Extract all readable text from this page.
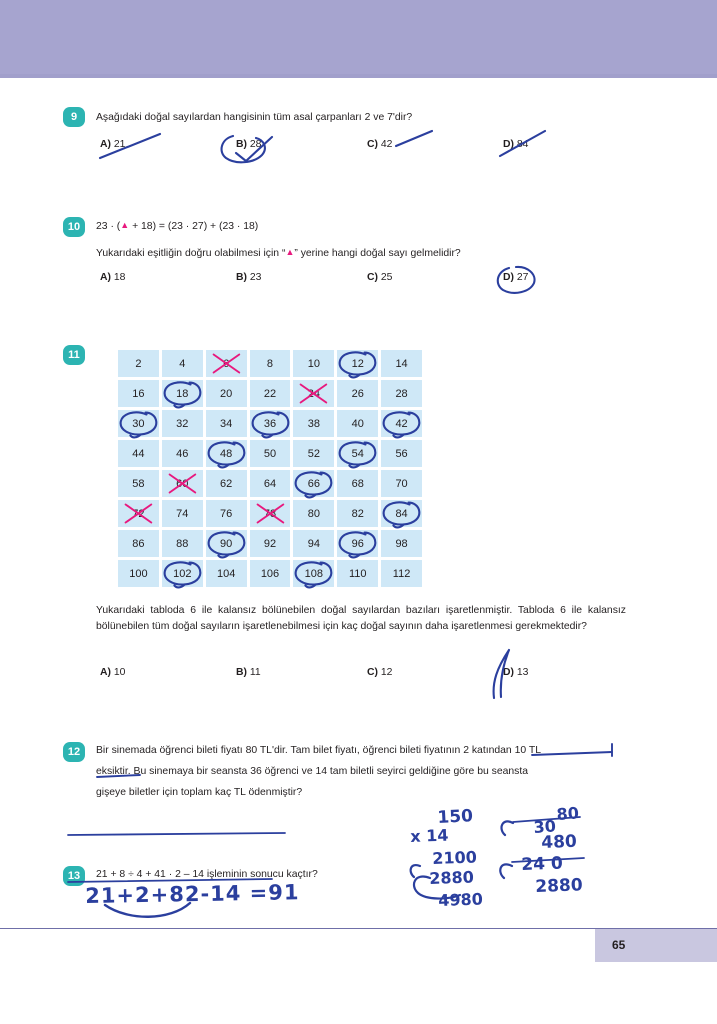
9	Aşağıdaki doğal sayılardan hangisinin tüm asal çarpanları 2 ve 7'dir?
A) 21	B) 28	C) 42	D) 84
10	23 · (▲ + 18) = (23 · 27) + (23 · 18)
Yukarıdaki eşitliğin doğru olabilmesi için “▲” yerine hangi doğal sayı gelmelidir?
A) 18	B) 23	C) 25	D) 27
11
2	4	6	8	10	12	14
16	18	20	22	24	26	28
30	32	34	36	38	40	42
44	46	48	50	52	54	56
58	60	62	64	66	68	70
72	74	76	78	80	82	84
86	88	90	92	94	96	98
100 102 104 106 108 110 112
Yukarıdaki tabloda 6 ile kalansız bölünebilen doğal sayılardan bazıları işaretlenmiştir. Tabloda 6 ile kalansız bölünebilen tüm doğal sayıların işaretlenebilmesi için kaç doğal sayının daha işaretlenmesi gerekmektedir?
A) 10	B) 11	C) 12	D) 13
12	Bir sinemada öğrenci bileti fiyatı 80 TL'dir. Tam bilet fiyatı, öğrenci bileti fiyatının 2 katından 10 TL
eksiktir. Bu sinemaya bir seansta 36 öğrenci ve 14 tam biletli seyirci geldiğine göre bu seansta
gişeye biletler için toplam kaç TL ödenmiştir?
13	21 + 8 ÷ 4 + 41 · 2 – 14 işleminin sonucu kaçtır?
150
x 14
2100
2880
4980
80
30
480
24 0
2880
21+2+82-14 =91
65
